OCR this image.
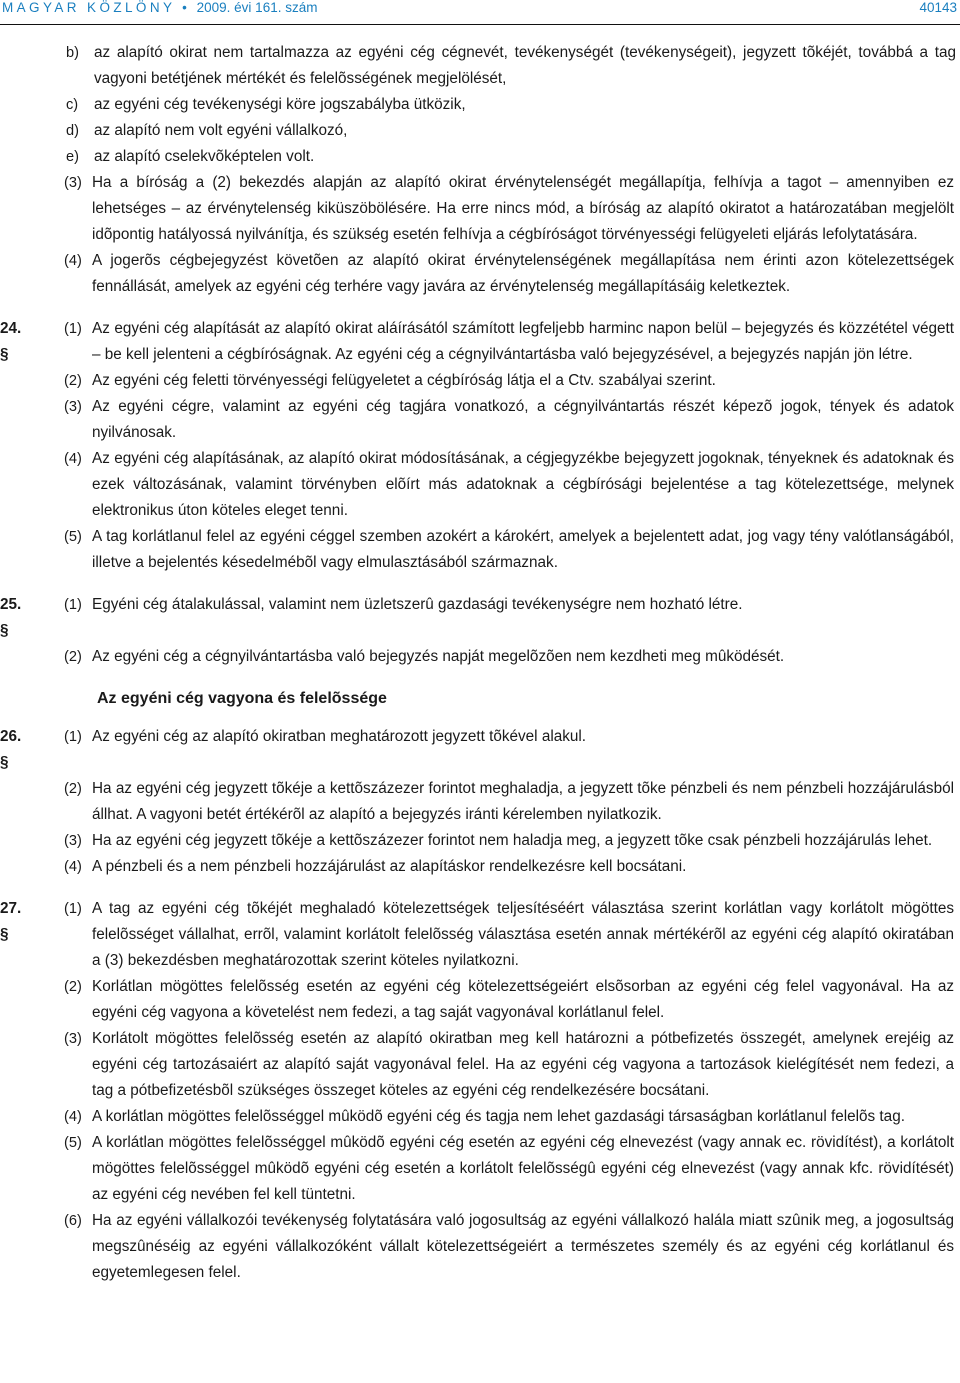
MAGYAR KÖZLÖNY • 2009. évi 161. szám	40143
b) az alapító okirat nem tartalmazza az egyéni cég cégnevét, tevékenységét (tevékenységeit), jegyzett tõkéjét, továbbá a tag vagyoni betétjének mértékét és felelõsségének megjelölését,
c)	az egyéni cég tevékenységi köre jogszabályba ütközik,
d) az alapító nem volt egyéni vállalkozó,
e) az alapító cselekvõképtelen volt.
(3) Ha a bíróság a (2) bekezdés alapján az alapító okirat érvénytelenségét megállapítja, felhívja a tagot – amennyiben ez lehetséges – az érvénytelenség kiküszöbölésére. Ha erre nincs mód, a bíróság az alapító okiratot a határozatában megjelölt idõpontig hatályossá nyilvánítja, és szükség esetén felhívja a cégbíróságot törvényességi felügyeleti eljárás lefolytatására.
(4) A jogerõs cégbejegyzést követõen az alapító okirat érvénytelenségének megállapítása nem érinti azon kötelezettségek fennállását, amelyek az egyéni cég terhére vagy javára az érvénytelenség megállapításáig keletkeztek.
24. §
(1) Az egyéni cég alapítását az alapító okirat aláírásától számított legfeljebb harminc napon belül – bejegyzés és közzététel végett – be kell jelenteni a cégbíróságnak. Az egyéni cég a cégnyilvántartásba való bejegyzésével, a bejegyzés napján jön létre.
(2) Az egyéni cég feletti törvényességi felügyeletet a cégbíróság látja el a Ctv. szabályai szerint.
(3) Az egyéni cégre, valamint az egyéni cég tagjára vonatkozó, a cégnyilvántartás részét képezõ jogok, tények és adatok nyilvánosak.
(4) Az egyéni cég alapításának, az alapító okirat módosításának, a cégjegyzékbe bejegyzett jogoknak, tényeknek és adatoknak és ezek változásának, valamint törvényben elõírt más adatoknak a cégbírósági bejelentése a tag kötelezettsége, melynek elektronikus úton köteles eleget tenni.
(5) A tag korlátlanul felel az egyéni céggel szemben azokért a károkért, amelyek a bejelentett adat, jog vagy tény valótlanságából, illetve a bejelentés késedelmébõl vagy elmulasztásából származnak.
25. §
(1) Egyéni cég átalakulással, valamint nem üzletszerû gazdasági tevékenységre nem hozható létre.
(2) Az egyéni cég a cégnyilvántartásba való bejegyzés napját megelõzõen nem kezdheti meg mûködését.
Az egyéni cég vagyona és felelõssége
26. §
(1) Az egyéni cég az alapító okiratban meghatározott jegyzett tõkével alakul.
(2) Ha az egyéni cég jegyzett tõkéje a kettõszázezer forintot meghaladja, a jegyzett tõke pénzbeli és nem pénzbeli hozzájárulásból állhat. A vagyoni betét értékérõl az alapító a bejegyzés iránti kérelemben nyilatkozik.
(3) Ha az egyéni cég jegyzett tõkéje a kettõszázezer forintot nem haladja meg, a jegyzett tõke csak pénzbeli hozzájárulás lehet.
(4) A pénzbeli és a nem pénzbeli hozzájárulást az alapításkor rendelkezésre kell bocsátani.
27. §
(1) A tag az egyéni cég tõkéjét meghaladó kötelezettségek teljesítéséért választása szerint korlátlan vagy korlátolt mögöttes felelõsséget vállalhat, errõl, valamint korlátolt felelõsség választása esetén annak mértékérõl az egyéni cég alapító okiratában a (3) bekezdésben meghatározottak szerint köteles nyilatkozni.
(2) Korlátlan mögöttes felelõsség esetén az egyéni cég kötelezettségeiért elsõsorban az egyéni cég felel vagyonával. Ha az egyéni cég vagyona a követelést nem fedezi, a tag saját vagyonával korlátlanul felel.
(3) Korlátolt mögöttes felelõsség esetén az alapító okiratban meg kell határozni a pótbefizetés összegét, amelynek erejéig az egyéni cég tartozásaiért az alapító saját vagyonával felel. Ha az egyéni cég vagyona a tartozások kielégítését nem fedezi, a tag a pótbefizetésbõl szükséges összeget köteles az egyéni cég rendelkezésére bocsátani.
(4) A korlátlan mögöttes felelõsséggel mûködõ egyéni cég és tagja nem lehet gazdasági társaságban korlátlanul felelõs tag.
(5) A korlátlan mögöttes felelõsséggel mûködõ egyéni cég esetén az egyéni cég elnevezést (vagy annak ec. rövidítést), a korlátolt mögöttes felelõsséggel mûködõ egyéni cég esetén a korlátolt felelõsségû egyéni cég elnevezést (vagy annak kfc. rövidítését) az egyéni cég nevében fel kell tüntetni.
(6) Ha az egyéni vállalkozói tevékenység folytatására való jogosultság az egyéni vállalkozó halála miatt szûnik meg, a jogosultság megszûnéséig az egyéni vállalkozóként vállalt kötelezettségeiért a természetes személy és az egyéni cég korlátlanul és egyetemlegesen felel.
